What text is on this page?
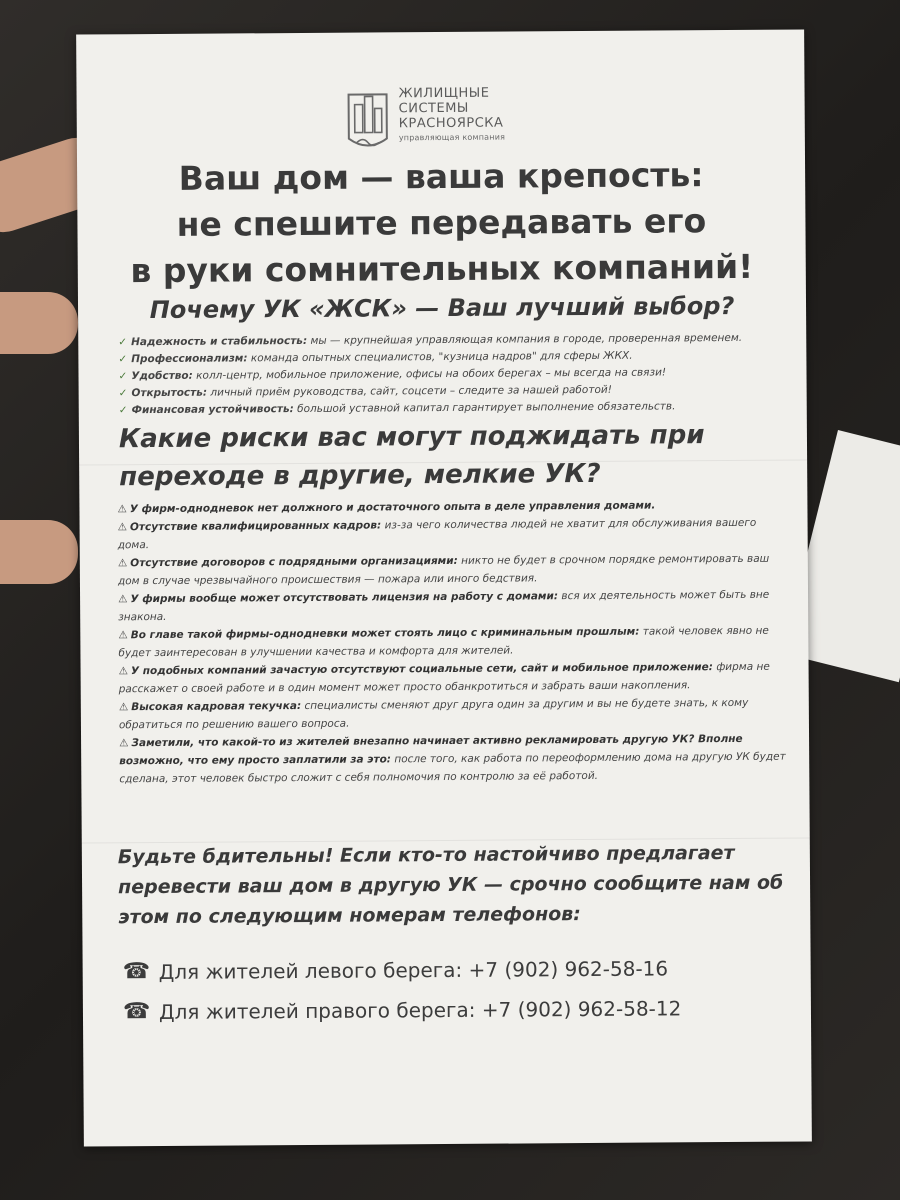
ЖИЛИЩНЫЕ
СИСТЕМЫ
КРАСНОЯРСКА
управляющая компания
Ваш дом — ваша крепость:
не спешите передавать его
в руки сомнительных компаний!
Почему УК «ЖСК» — Ваш лучший выбор?
✓ Надежность и стабильность: мы — крупнейшая управляющая компания в городе, проверенная временем.
✓ Профессионализм: команда опытных специалистов, "кузница надров" для сферы ЖКХ.
✓ Удобство: колл-центр, мобильное приложение, офисы на обоих берегах – мы всегда на связи!
✓ Открытость: личный приём руководства, сайт, соцсети – следите за нашей работой!
✓ Финансовая устойчивость: большой уставной капитал гарантирует выполнение обязательств.
Какие риски вас могут поджидать при
переходе в другие, мелкие УК?
⚠ У фирм-однодневок нет должного и достаточного опыта в деле управления домами.
⚠ Отсутствие квалифицированных кадров: из-за чего количества людей не хватит для обслуживания вашего дома.
⚠ Отсутствие договоров с подрядными организациями: никто не будет в срочном порядке ремонтировать ваш дом в случае чрезвычайного происшествия — пожара или иного бедствия.
⚠ У фирмы вообще может отсутствовать лицензия на работу с домами: вся их деятельность может быть вне знакона.
⚠ Во главе такой фирмы-однодневки может стоять лицо с криминальным прошлым: такой человек явно не будет заинтересован в улучшении качества и комфорта для жителей.
⚠ У подобных компаний зачастую отсутствуют социальные сети, сайт и мобильное приложение: фирма не расскажет о своей работе и в один момент может просто обанкротиться и забрать ваши накопления.
⚠ Высокая кадровая текучка: специалисты сменяют друг друга один за другим и вы не будете знать, к кому обратиться по решению вашего вопроса.
⚠ Заметили, что какой-то из жителей внезапно начинает активно рекламировать другую УК? Вполне возможно, что ему просто заплатили за это: после того, как работа по переоформлению дома на другую УК будет сделана, этот человек быстро сложит с себя полномочия по контролю за её работой.
Будьте бдительны! Если кто-то настойчиво предлагает перевести ваш дом в другую УК — срочно сообщите нам об этом по следующим номерам телефонов:
☎ Для жителей левого берега: +7 (902) 962-58-16
☎ Для жителей правого берега: +7 (902) 962-58-12
